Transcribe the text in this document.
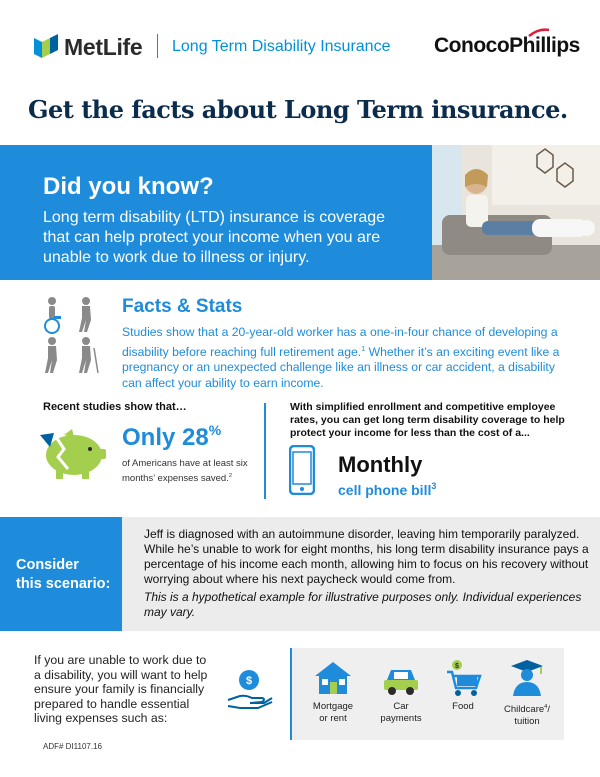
MetLife Long Term Disability Insurance ConocoPhillips
Get the facts about Long Term insurance.
Did you know?

Long term disability (LTD) insurance is coverage that can help protect your income when you are unable to work due to illness or injury.

Facts & Stats

Studies show that a 20-year-old worker has a one-in-four chance of developing a disability before reaching full retirement age.$^1$ Whether it’s an exciting event like a pregnancy or an unexpected challenge like an illness or car accident, a disability can affect your ability to earn income.

Recent studies show that…
Only 28%
of Americans have at least six months’ expenses saved.$^2$
With simplified enrollment and competitive employee rates, you can get long term disability coverage to help protect your income for less than the cost of a...
Monthly
cell phone bill$^3$
Consider
this scenario:

Jeff is diagnosed with an autoimmune disorder, leaving him temporarily paralyzed. While he’s unable to work for eight months, his long term disability insurance pays a percentage of his income each month, allowing him to focus on his recovery without worrying about where his next paycheck would come from.

This is a hypothetical example for illustrative purposes only. Individual experiences may vary.

If you are unable to work due to a disability, you will want to help ensure your family is financially prepared to handle essential living expenses such as:

$
Mortgage
or rent
Car
payments
$
Food	Childcare$^4$/
tuition
ADF# DI1107.16
